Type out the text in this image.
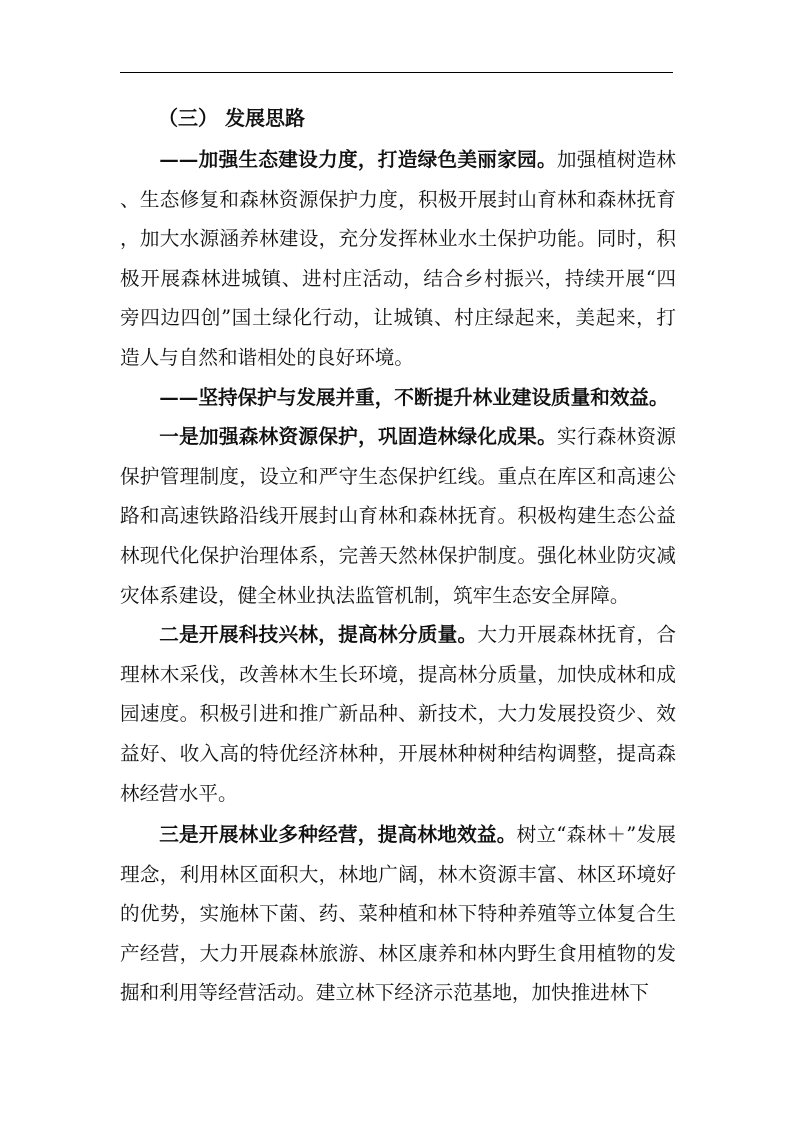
（三） 发展思路

——加强生态建设力度，打造绿色美丽家园。加强植树造林、生态修复和森林资源保护力度，积极开展封山育林和森林抚育，加大水源涵养林建设，充分发挥林业水土保护功能。同时，积极开展森林进城镇、进村庄活动，结合乡村振兴，持续开展“四旁四边四创”国土绿化行动，让城镇、村庄绿起来，美起来，打造人与自然和谐相处的良好环境。

——坚持保护与发展并重，不断提升林业建设质量和效益。

一是加强森林资源保护，巩固造林绿化成果。实行森林资源保护管理制度，设立和严守生态保护红线。重点在库区和高速公路和高速铁路沿线开展封山育林和森林抚育。积极构建生态公益林现代化保护治理体系，完善天然林保护制度。强化林业防灾减灾体系建设，健全林业执法监管机制，筑牢生态安全屏障。

二是开展科技兴林，提高林分质量。大力开展森林抚育，合理林木采伐，改善林木生长环境，提高林分质量，加快成林和成园速度。积极引进和推广新品种、新技术，大力发展投资少、效益好、收入高的特优经济林种，开展林种树种结构调整，提高森林经营水平。

三是开展林业多种经营，提高林地效益。树立“森林＋”发展理念，利用林区面积大，林地广阔，林木资源丰富、林区环境好的优势，实施林下菌、药、菜种植和林下特种养殖等立体复合生产经营，大力开展森林旅游、林区康养和林内野生食用植物的发掘和利用等经营活动。建立林下经济示范基地，加快推进林下
